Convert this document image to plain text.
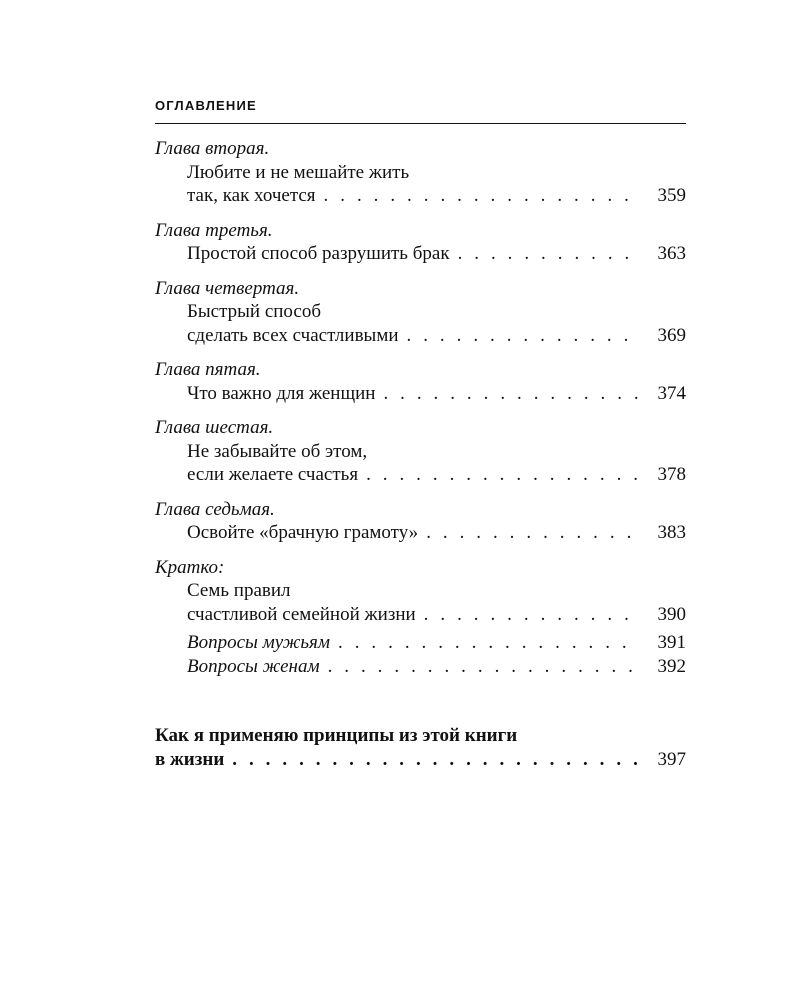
ОГЛАВЛЕНИЕ
Глава вторая.
Любите и не мешайте жить
так, как хочется . . .	359
Глава третья.
Простой способ разрушить брак . . .	363
Глава четвертая.
Быстрый способ
сделать всех счастливыми . . .	369
Глава пятая.
Что важно для женщин . . .	374
Глава шестая.
Не забывайте об этом,
если желаете счастья . . .	378
Глава седьмая.
Освойте «брачную грамоту» . . .	383
Кратко:
Семь правил
счастливой семейной жизни . . .	390
Вопросы мужьям . . .	391
Вопросы женам . . .	392
Как я применяю принципы из этой книги
в жизни . . .	397
